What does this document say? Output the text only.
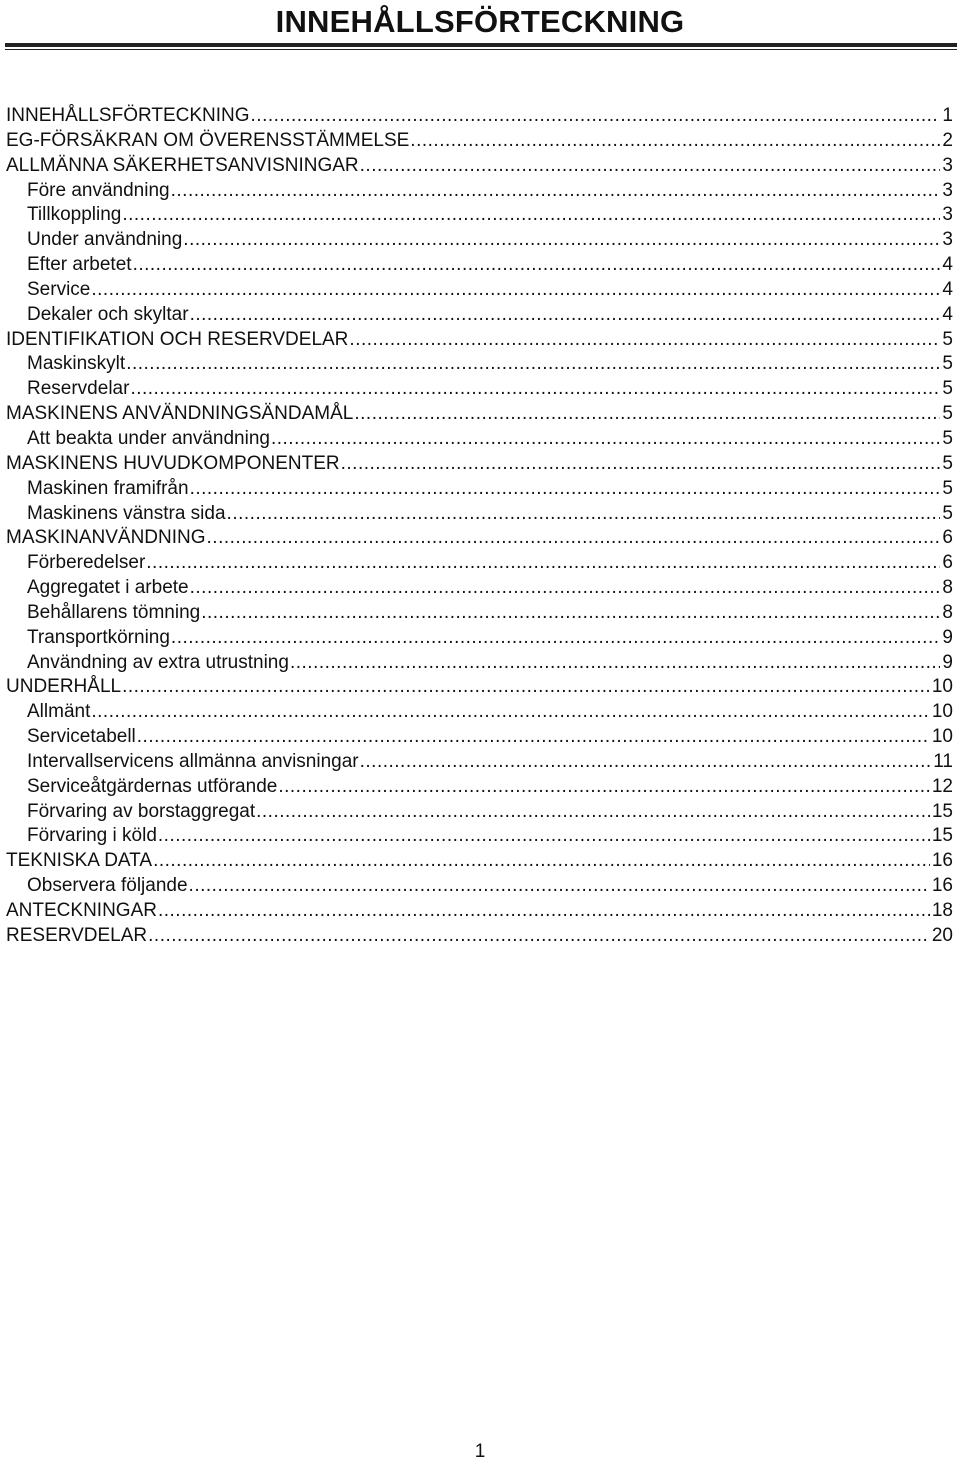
INNEHÅLLSFÖRTECKNING
INNEHÅLLSFÖRTECKNING .....	1
EG-FÖRSÄKRAN OM ÖVERENSSTÄMMELSE .....	2
ALLMÄNNA SÄKERHETSANVISNINGAR .....	3
Före användning .....	3
Tillkoppling .....	3
Under användning .....	3
Efter arbetet .....	4
Service .....	4
Dekaler och skyltar .....	4
IDENTIFIKATION OCH RESERVDELAR .....	5
Maskinskylt .....	5
Reservdelar .....	5
MASKINENS ANVÄNDNINGSÄNDAMÅL .....	5
Att beakta under användning .....	5
MASKINENS HUVUDKOMPONENTER .....	5
Maskinen framifrån .....	5
Maskinens vänstra sida .....	5
MASKINANVÄNDNING .....	6
Förberedelser .....	6
Aggregatet i arbete .....	8
Behållarens tömning .....	8
Transportkörning .....	9
Användning av extra utrustning .....	9
UNDERHÅLL .....	10
Allmänt .....	10
Servicetabell .....	10
Intervallservicens allmänna anvisningar .....	11
Serviceåtgärdernas utförande .....	12
Förvaring av borstaggregat .....	15
Förvaring i köld .....	15
TEKNISKA DATA .....	16
Observera följande .....	16
ANTECKNINGAR .....	18
RESERVDELAR .....	20
1
